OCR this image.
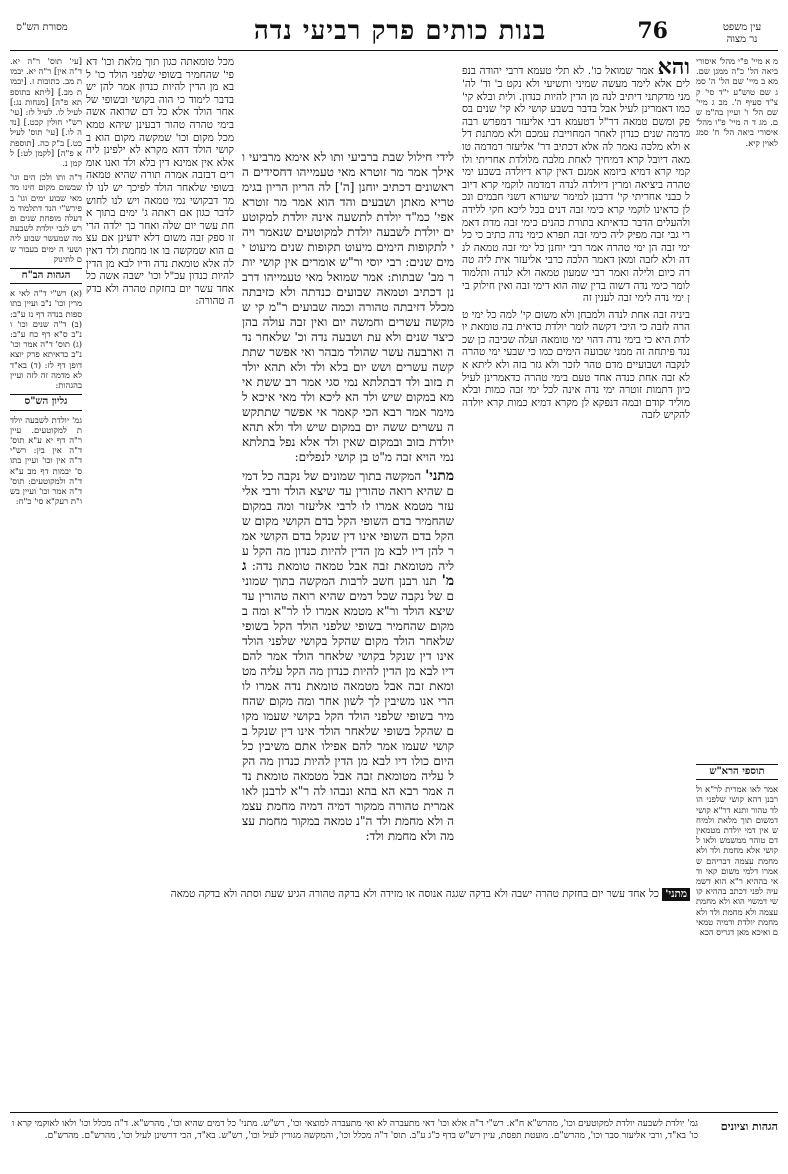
עין משפט
נר מצוה
76
בנות כותים פרק רביעי נדה
מסורת הש"ס

מ א מיי' פ"י מהל' איסורי ביאה הל' כ"ה ממגן שם. מא ב מיי' שם הל' ה' סמג שם טוש"ע י"ד סי' קצ"ד סעיף ה'. מב ג מיי' שם הל' ו' ועיין בה"מ שם. מג ד ה מיי' פ"ו מהל' איסורי ביאה הל' ח' סמג לאוין קיא.

והא אמר שמואל כו'. לא תלי טעמא דרבי יהודה בנפלים אלא לימד מעשה שמיני ותשיעי ולא נקט ב' וד' לה' מני מדקתני דיתיב לנה מן הדין להיות כנדון. ולית ובלא קי' כמו דאמרינן לעיל אבל בדבר בשבע קושי לא קי' שנים בספק ומשם טמאה דר"ל דטעמא דבי אליעזר דמפרש רבה מדמה שנים כנדון לאחר המחוייבת עמכם ולא ממתנת דלא ולא מלכה נאמר לה אלא דכתיב דר' אליעזר דמדמה טומאה דיובל קרא דמיחיך לאחת מלבה מלולדת אחריתי ולוקמי קרא דמיא ביומא אמנם דאין קרא דיולדה בשבע ימי טהרה ביציאה ומרין דיולדה לנדה דמדמה לוקמי קרא דיובל כבני אחריתי קי' דרבנן למימר שיעורא דשני חבמים ונכלן כדאינו לוקמי קרא כימי זבה דנים בכל ליכא חקי ללידה ולהעלים הדבר כדאיתא בתורת כהנים כימי זבה מדת דאמרי גבי זבה מפיק ליה כימי זבה תפרא כימי נדה כתיב כי כל ימי זבה הן ימי טהרה אמר רבי יוחנן כל ימי זבה טמאה לנדה ולא לזבה ומאן דאמר הלכה כרבי אליעזר אית ליה טהרה כיום ולילה ואמר רבי שמעון טמאה ולא לנדה ותלמוד לומר כימי נדה דשוה בדין שוה הוא דימי זבה ואין חילוק בין ימי נדה לימי זבה לענין זה

ביניה זבה אחת לנדה ולמבחן ולא משום קי' למה כל ימי טהרה לזבה כי היכי דקשה לומר יולדת כדאית בה טומאת יולדת היא כי בימי נדה דהוי ימי טומאה ועלה שכיבה כן שכנגד פיתחה זה ממני שבועה הימים כמו כי שבעי ימי טהרה לנקבה ושבועיים מדם טהר לזכר ולא גזר בזה ולא ליתא אלא זבה אחת כנדה אחד טעם בימי טהרה כדאמרינן לעיל כיון דתמות זוטרה ימי נדה אינה לכל ימי זבה כמות ובלא מוליד קודם ובמה דנפקא לן מקרא דמיא כמות קרא יולדה להקיש לזבה

לידי חילול שבת ברביעי ותו לא אימא מרביעי ואילך אמר מר זוטרא מאי טעמייהו דחסידים הראשונים דכתיב יוחנן [ה'] לה הריון הריון בגימטריא מאתן ושבעים והד הוא אמר מר זוטרא אפי' כמ"ד יולדת לתשעה אינה יולדת למקוטעים יולדת לשבעה יולדת למקוטעים שנאמר ויהי לתקופות הימים מיעוט תקופות שנים מיעוט ימים שנים: רבי יוסי ור"ש אומרים אין קושי יותר מב' שבתות: אמר שמואל מאי טעמייהו דרבנן דכתיב וטמאה שבועים כנדתה ולא כזיבתה מכלל דזיבתה טהורה וכמה שבועים ר"מ קי שמקשה עשרים וחמשה יום ואין זבה עולה בהן כיצד שנים ולא עת ושבעה נדה וכ' שלאחר נדה וארבעה עשר שהולד מבהר ואי אפשר שתתקשה עשרים ושש יום בלא ולד ולא תהא יולדת בזוב ולד דבתלתא נמי סגי אמר רב ששת אימא במקום שיש ולד הא ליכא ולד מאי איכא למימר אמר רבא הכי קאמר אי אפשר שתתקשה עשרים ששה יום במקום שיש ולד ולא תהא יולדת בזוב ובמקום שאין ולד אלא נפל בתלתא נמי הויא זבה מ"ט בן קושי לנפלים:

מתני' המקשה בתוך שמונים של נקבה כל דמים שהיא רואה טהורין עד שיצא הולד ורבי אליעזר מטמא אמרו לו לרבי אליעזר ומה במקום שהחמיר בדם השופי הקל בדם הקושי מקום שהקל בדם השופי אינו דין שנקל בדם הקושי אמר להן דיו לבא מן הדין להיות כנדון מה הקל עליה מטומאת זבה אבל טמאה טומאת נדה: גמ' תנו רבנן חשב לרבות המקשה בתוך שמונים של נקבה שכל דמים שהיא רואה טהורין עד שיצא הולד ור"א מטמא אמרו לו לר"א ומה במקום שהחמיר בשופי שלפני הולד הקל בשופי שלאחר הולד מקום שהקל בקושי שלפני הולד אינו דין שנקל בקושי שלאחר הולד אמר להם דיו לבא מן הדין להיות כנדון מה הקל עליה מטומאת זבה אבל מטמאה טומאת נדה אמרו לו הרי אנו משיבין לך לשון אחר ומה מקום שהחמיר בשופי שלפני הולד הקל בקושי שעמו מקום שהקל בשופי שלאחר הולד אינו דין שנקל בקושי שעמו אמר להם אפילו אתם משיבין כל היום כולו דיו לבא מן הדין להיות כנדון מה הקל עליה מטומאת זבה אבל מטמאה טומאת נדה אמר רבא הא בהא ונבהו לה ר"א לרבנן לאו אמרית טהורה ממקור דמיה דמיה מחמת עצמה ולא מחמת ולד ה"נ טמאה במקור מחמת עצמה ולא מחמת ולד:

מכל טומאתה כגון תוך מלאת וכו' דאפי' שהחמיר בשופי שלפני הולד כו' לבא מן הדין להיות כנדון אמר להן יש בדבר לימוד כי הוה בקושי ובשופי שלאחר הולד אלא כל דם שרואה אשה בימי טהרה טהור דבעינן שיהא טמא מכל מקום וכו' שמקשה מקום הוא בקושי הולד דהא מקרא לא ילפינן ליה אלא אין אמינא דין בלא ולד ואנו אומרים דבזבה אמרה תורה שהיא טמאה בשופי שלאחר הולד לפיכך יש לנו לומר דבקושי נמי טמאה ויש לנו לחוש לדבר כגון אם ראתה ג' ימים בתוך אחת עשר יום שלה ואחר כך ילדה הרי זו ספק זבה משום דלא ידעינן אם עצם הוא שמקשה בו או מחמת ולד דאין לה אלא טומאת נדה ודיו לבא מן הדין להיות כנדון עכ"ל וכו' ישבה אשה כל אחד עשר יום בחזקת טהרה ולא בדקה טהורה:

[עי' תוס' ר"ה יא. ד"ה אין] ר"ה יא. יבמות מב. כתובות ז. [יבמות מב.] [ליתא בתוספתא פ"ה] [מנחות נג:] לעיל לו. לעיל לז: [עי' רש"י חולין קכט.] [נדה לו.] [עי' תוס' לעיל כט.] ב"ק כה. [תוספתא פ"ה] [לקמן לט:] לקמן נ.

ד"ה ותו ולכן הים וגו' שבשום מקום חינו מד מאי שבוע ימים וגו' בפירש"י הנד דתלמוד מדעלה מופחת שנים ופרש לגבי יולדת לשבעה מה שמעשר שבוע ליה ושעי ה ימים בעבור שם לתינוק

הגהות הב"ח

(א) רש"י ד"ה לאי אמרין וכו' נ"ב ועיין בתוספות בנדה דף נז ע"ב: (ב) ד"ה שנים וכו' ונ"ב ס"א דף כח ע"ב: (ג) תוס' ד"ה אמר וכו' נ"ב כדאיתא פרק יוצא דופן דף לז: (ד) בא"ד לא מדמה זה לזה ועיין בהגהות:

גליון הש"ס

גמ' יולדת לשבעה יולדת למקוטעים. עיין ר"ה דף יא ע"א תוס' ד"ה אין בין: רש"י ד"ה אין וכו' ועיין בתוס' יבמות דף מב ע"א ד"ה ולמקוטעים: תוס' ד"ה אמר וכו' ועיין בשו"ת רעק"א סי' כ"ח:

מתני' כל אחד עשר יום בחזקת טהרה ישבה ולא בדקה שגגה אנוסה או מזידה ולא בדקה טהורה הגיע שעת וסתה ולא בדקה טמאה

תוספי הרא"ש

אמר לאו אמרית לר"א ולרבנן דהא קושי שלפני הולד טהור ותנא דר"א קושי דמשום תוך מלאת ולמיחש אין דמי יולדת מטמאין דם טוהר ממשמש ולאו לקושי אלא מחמת ולד ולא מחמת עצמה דבריהם שאמרו דלמי משום קאי ודאי בההיא ר"א הוא דשמעיה לפני דכתב בההיא קושי דמשוי הוא ולא מחמת עצמה ולא מחמת ולד ולא מחמת יולדת ודמיה טמאים ואיכא מאן דגריס הכא

הגהות וציונים
גמ' יולדת לשבעה יולדת למקוטעים וכו', מהרש"א ח"א. רש"י ד"ה אלא וכו' דאי מתעברה לא ואי מתעברה למוצאי וכו', רש"ש. מתני' כל דמים שהיא וכו', מהרש"א. ד"ה מכלל וכו' ולאו לאוקמי קרא וכו' בא"ד, ורבי אליעזר סבר וכו', מהרש"ם. מועטת תפסת, עיין רש"ש בדף כ"ג ע"ב. תוס' ד"ה מכלל וכו', והמקשה מגורין לעיל וכו', רש"ש. בא"ד, הכי דרשינן לעיל וכו', מהרש"ם. מהרש"ם.
